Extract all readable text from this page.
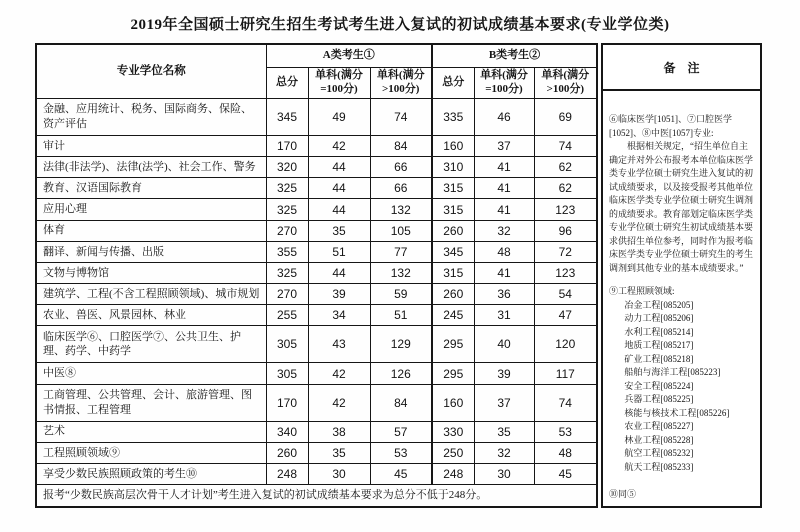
2019年全国硕士研究生招生考试考生进入复试的初试成绩基本要求(专业学位类)
专业学位名称	A类考生①			B类考生②		
	总分	单科(满分=100分)	单科(满分>100分)	总分	单科(满分=100分)	单科(满分>100分)
金融、应用统计、税务、国际商务、保险、资产评估	345	49	74	335	46	69
审计	170	42	84	160	37	74
法律(非法学)、法律(法学)、社会工作、警务	320	44	66	310	41	62
教育、汉语国际教育	325	44	66	315	41	62
应用心理	325	44	132	315	41	123
体育	270	35	105	260	32	96
翻译、新闻与传播、出版	355	51	77	345	48	72
文物与博物馆	325	44	132	315	41	123
建筑学、工程(不含工程照顾领域)、城市规划	270	39	59	260	36	54
农业、兽医、风景园林、林业	255	34	51	245	31	47
临床医学⑥、口腔医学⑦、公共卫生、护理、药学、中药学	305	43	129	295	40	120
中医⑧	305	42	126	295	39	117
工商管理、公共管理、会计、旅游管理、图书情报、工程管理	170	42	84	160	37	74
艺术	340	38	57	330	35	53
工程照顾领域⑨	260	35	53	250	32	48
享受少数民族照顾政策的考生⑩	248	30	45	248	30	45
报考“少数民族高层次骨干人才计划”考生进入复试的初试成绩基本要求为总分不低于248分。						
备　注
⑥临床医学[1051]、⑦口腔医学[1052]、⑧中医[1057]专业:
根据相关规定，“招生单位自主确定并对外公布报考本单位临床医学类专业学位硕士研究生进入复试的初试成绩要求，以及接受报考其他单位临床医学类专业学位硕士研究生调剂的成绩要求。教育部划定临床医学类专业学位硕士研究生初试成绩基本要求供招生单位参考，同时作为报考临床医学类专业学位硕士研究生的考生调剂到其他专业的基本成绩要求。”
⑨工程照顾领域:
冶金工程[085205]
动力工程[085206]
水利工程[085214]
地质工程[085217]
矿业工程[085218]
船舶与海洋工程[085223]
安全工程[085224]
兵器工程[085225]
核能与核技术工程[085226]
农业工程[085227]
林业工程[085228]
航空工程[085232]
航天工程[085233]
⑩同⑤
